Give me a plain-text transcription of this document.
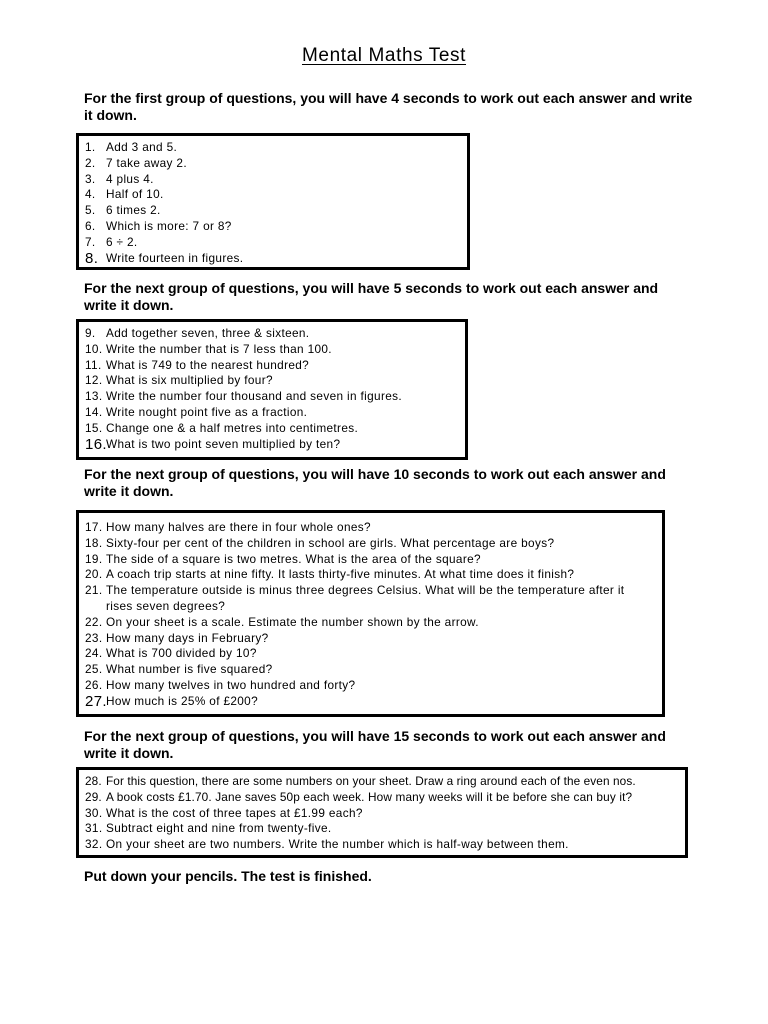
Mental Maths Test
For the first group of questions, you will have 4 seconds to work out each answer and write it down.
1. Add 3 and 5.
2. 7 take away 2.
3. 4 plus 4.
4. Half of 10.
5. 6 times 2.
6. Which is more: 7 or 8?
7. 6 ÷ 2.
8. Write fourteen in figures.
For the next group of questions, you will have 5 seconds to work out each answer and write it down.
9. Add together seven, three & sixteen.
10. Write the number that is 7 less than 100.
11. What is 749 to the nearest hundred?
12. What is six multiplied by four?
13. Write the number four thousand and seven in figures.
14. Write nought point five as a fraction.
15. Change one & a half metres into centimetres.
16. What is two point seven multiplied by ten?
For the next group of questions, you will have 10 seconds to work out each answer and write it down.
17. How many halves are there in four whole ones?
18. Sixty-four per cent of the children in school are girls. What percentage are boys?
19. The side of a square is two metres. What is the area of the square?
20. A coach trip starts at nine fifty. It lasts thirty-five minutes. At what time does it finish?
21. The temperature outside is minus three degrees Celsius. What will be the temperature after it rises seven degrees?
22. On your sheet is a scale. Estimate the number shown by the arrow.
23. How many days in February?
24. What is 700 divided by 10?
25. What number is five squared?
26. How many twelves in two hundred and forty?
27. How much is 25% of £200?
For the next group of questions, you will have 15 seconds to work out each answer and write it down.
28. For this question, there are some numbers on your sheet. Draw a ring around each of the even nos.
29. A book costs £1.70. Jane saves 50p each week. How many weeks will it be before she can buy it?
30. What is the cost of three tapes at £1.99 each?
31. Subtract eight and nine from twenty-five.
32. On your sheet are two numbers. Write the number which is half-way between them.
Put down your pencils. The test is finished.
